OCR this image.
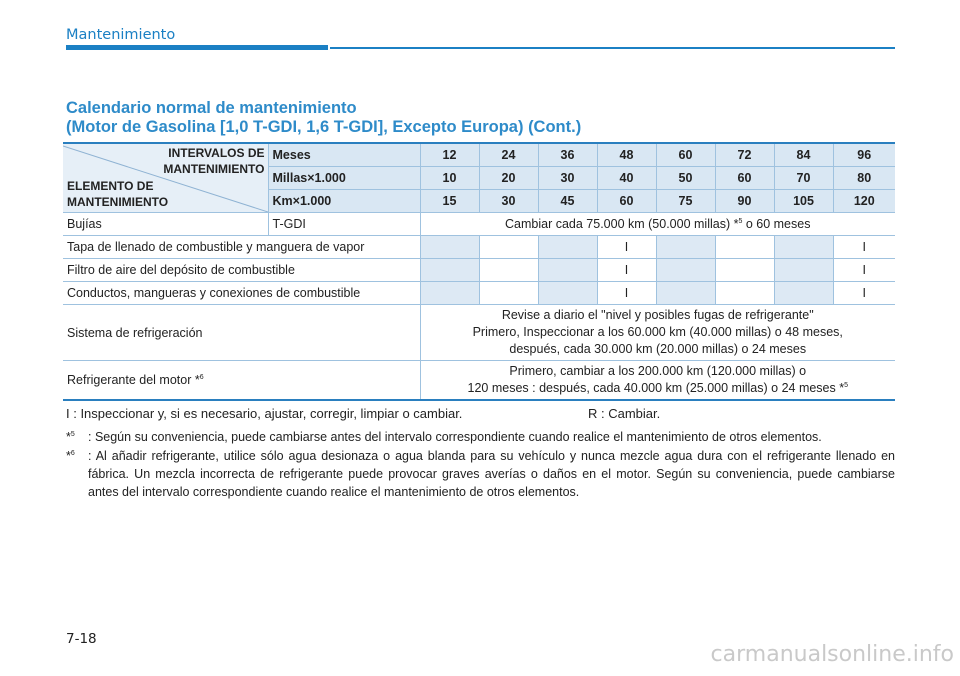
Mantenimiento
Calendario normal de mantenimiento
(Motor de Gasolina [1,0 T-GDI, 1,6 T-GDI], Excepto Europa) (Cont.)
INTERVALOS DE
MANTENIMIENTO
ELEMENTO DE
MANTENIMIENTO	Meses	12	24	36	48	60	72	84	96
	Millas×1.000	10	20	30	40	50	60	70	80
	Km×1.000	15	30	45	60	75	90	105	120
Bujías	T-GDI	Cambiar cada 75.000 km (50.000 millas) *$^5$ o 60 meses							
Tapa de llenado de combustible y manguera de vapor					I				I
Filtro de aire del depósito de combustible					I				I
Conductos, mangueras y conexiones de combustible					I				I
Sistema de refrigeración		Revise a diario el "nivel y posibles fugas de refrigerante"
Primero, Inspeccionar a los 60.000 km (40.000 millas) o 48 meses,
después, cada 30.000 km (20.000 millas) o 24 meses							

Refrigerante del motor *$^6$		Primero, cambiar a los 200.000 km (120.000 millas) o
120 meses : después, cada 40.000 km (25.000 millas) o 24 meses *$^5$
I : Inspeccionar y, si es necesario, ajustar, corregir, limpiar o cambiar.	R : Cambiar.
*$^5$ : Según su conveniencia, puede cambiarse antes del intervalo correspondiente cuando realice el mantenimiento de otros elementos.
*$^6$ : Al añadir refrigerante, utilice sólo agua desionaza o agua blanda para su vehículo y nunca mezcle agua dura con el refrigerante llenado en fábrica. Un mezcla incorrecta de refrigerante puede provocar graves averías o daños en el motor. Según su conveniencia, puede cambiarse antes del intervalo correspondiente cuando realice el mantenimiento de otros elementos.
7-18
carmanualsonline.info
